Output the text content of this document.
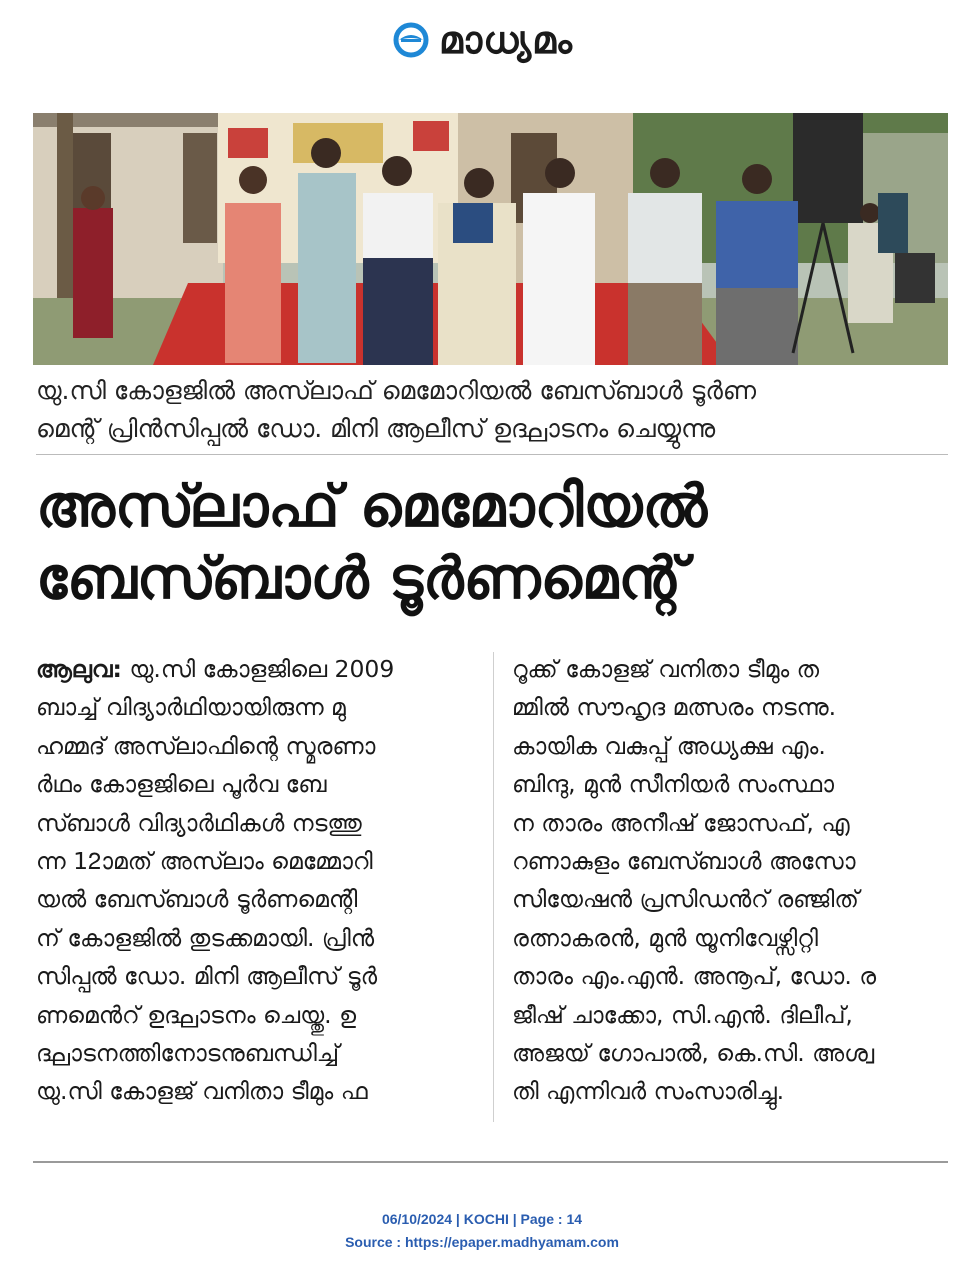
മാധ്യമം
യു.സി കോളജിൽ അസ്‍ലാഫ് മെമോറിയൽ ബേസ്ബാൾ ടൂർണ
മെന്റ് പ്രിൻസിപ്പൽ ഡോ. മിനി ആലീസ് ഉദ്ഘാടനം ചെയ്യുന്നു
അസ്‍ലാഫ് മെമോറിയൽ
ബേസ്ബാൾ ടൂർണമെന്റ്
ആലുവ: യു.സി കോളജിലെ 2009
ബാച്ച് വിദ്യാർഥിയായിരുന്ന മു
ഹമ്മദ് അസ്‍ലാഫിന്റെ സ്മരണാ
ർഥം കോളജിലെ പൂർവ ബേ
സ്ബാൾ വിദ്യാർഥികൾ നടത്തു
ന്ന 12ാമത് അസ്‍ലാം മെമ്മോറി
യൽ ബേസ്ബാൾ ടൂർണമെന്റി
ന് കോളജിൽ തുടക്കമായി. പ്രിൻ
സിപ്പൽ ഡോ. മിനി ആലീസ് ടൂർ
ണമെൻറ് ഉദ്ഘാടനം ചെയ്തു. ഉ
ദ്ഘാടനത്തിനോടനുബന്ധിച്ച്
യു.സി കോളജ് വനിതാ ടീമും ഫ
റൂക്ക് കോളജ് വനിതാ ടീമും ത
മ്മിൽ സൗഹൃദ മത്സരം നടന്നു.
കായിക വകുപ്പ് അധ്യക്ഷ എം.
ബിന്ദു, മുൻ സീനിയർ സംസ്ഥാ
ന താരം അനീഷ് ജോസഫ്, എ
റണാകുളം ബേസ്ബാൾ അസോ
സിയേഷൻ പ്രസിഡൻറ് രഞ്ജിത്
രത്നാകരൻ, മുൻ യൂനിവേഴ്സിറ്റി
താരം എം.എൻ. അനൂപ്, ഡോ. ര
ജീഷ് ചാക്കോ, സി.എൻ. ദിലീപ്,
അജയ് ഗോപാൽ, കെ.സി. അശ്വ
തി എന്നിവർ സംസാരിച്ചു.
06/10/2024 | KOCHI | Page : 14
Source : https://epaper.madhyamam.com
